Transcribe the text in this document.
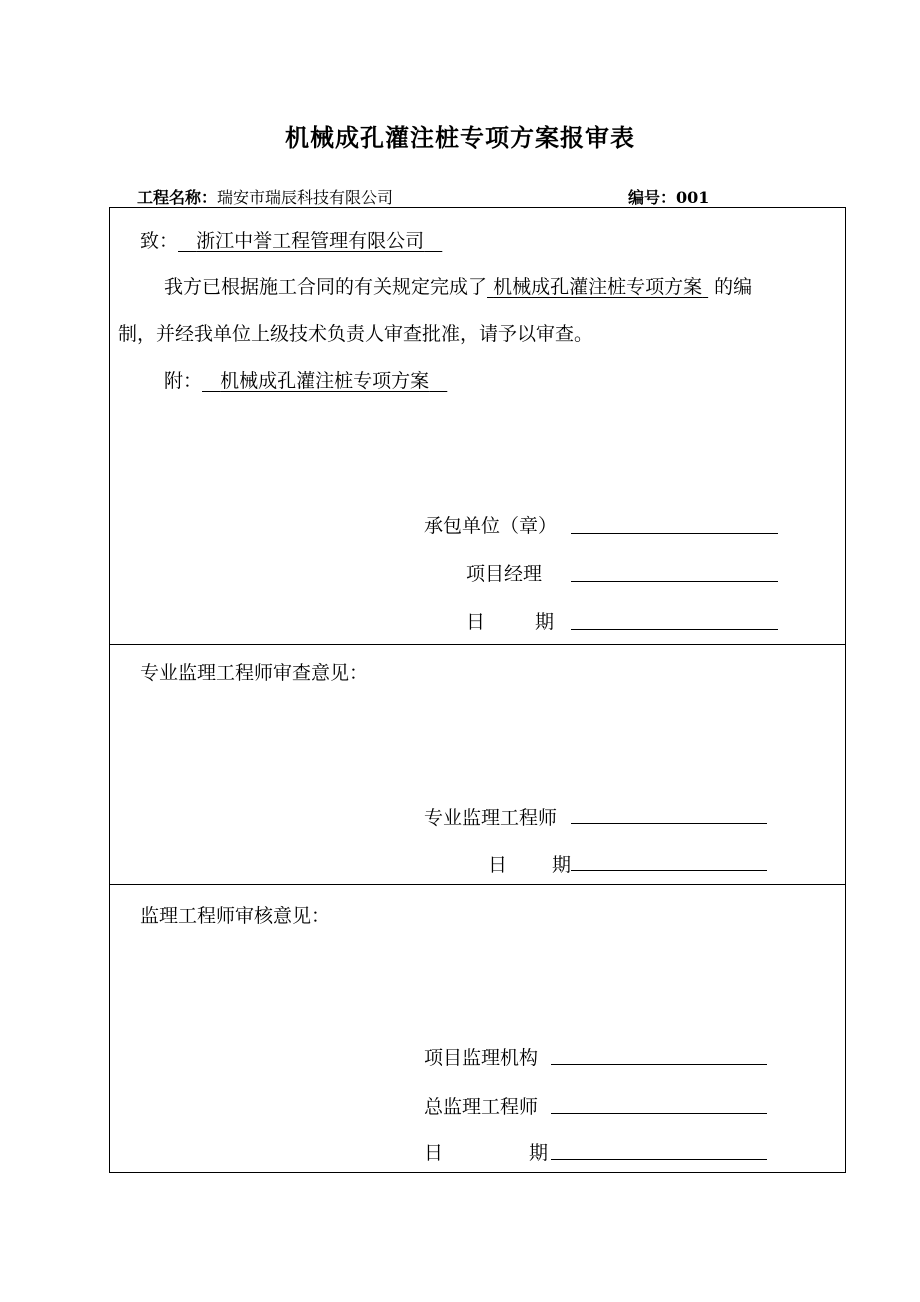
机械成孔灌注桩专项方案报审表
工程名称：瑞安市瑞辰科技有限公司	编号：001
致： 浙江中誉工程管理有限公司
我方已根据施工合同的有关规定完成了 机械成孔灌注桩专项方案 的编
制，并经我单位上级技术负责人审查批准，请予以审查。
附： 机械成孔灌注桩专项方案
承包单位（章）
项目经理
日	期
专业监理工程师审查意见：
专业监理工程师
日 期
监理工程师审核意见：
项目监理机构
总监理工程师
日	期
